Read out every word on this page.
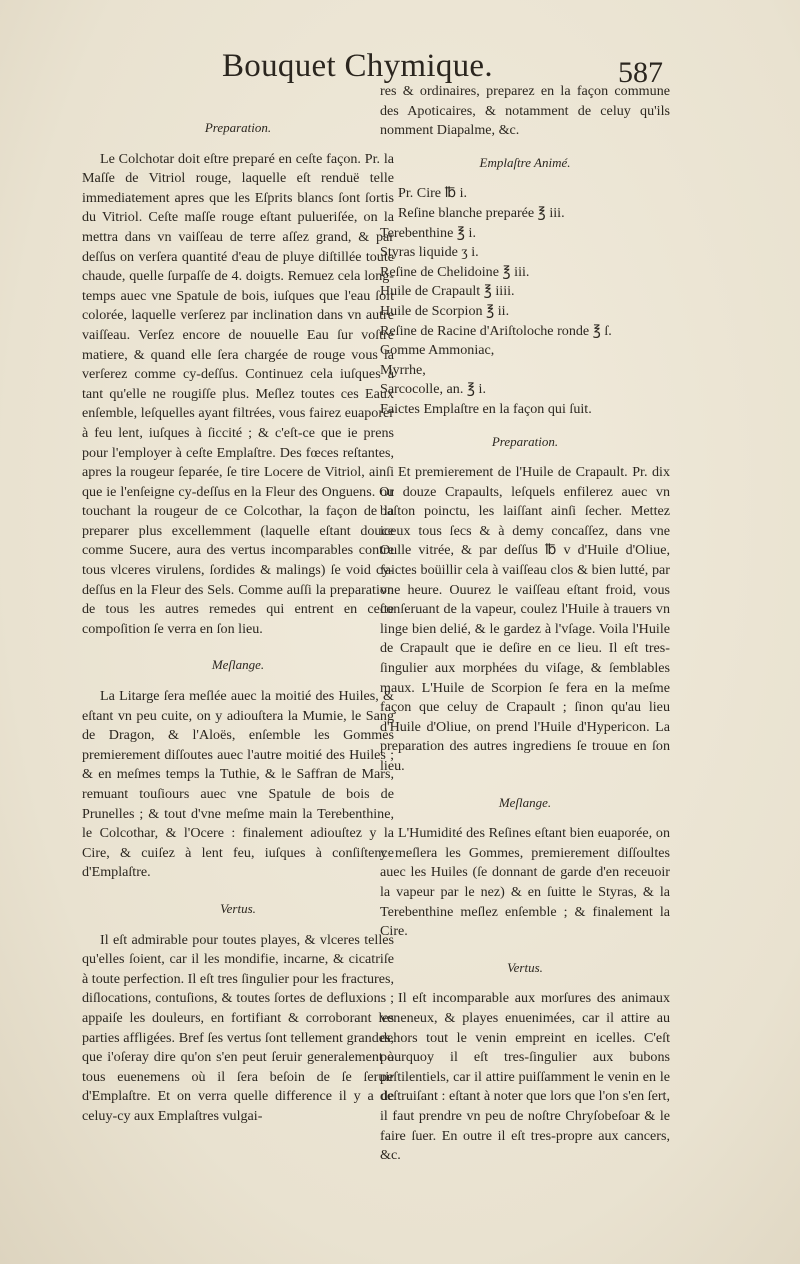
Bouquet Chymique.	587
Preparation.

Le Colchotar doit eſtre preparé en ceſte façon. Pr. la Maſſe de Vitriol rouge, laquelle eſt renduë telle immediatement apres que les Eſprits blancs ſont ſortis du Vitriol. Ceſte maſſe rouge eſtant pulueriſée, on la mettra dans vn vaiſſeau de terre aſſez grand, & par deſſus on verſera quantité d'eau de pluye diſtillée toute chaude, quelle ſurpaſſe de 4. doigts. Remuez cela long-temps auec vne Spatule de bois, iuſques que l'eau ſoit colorée, laquelle verſerez par inclination dans vn autre vaiſſeau. Verſez encore de nouuelle Eau ſur voſtre matiere, & quand elle ſera chargée de rouge vous la verſerez comme cy-deſſus. Continuez cela iuſques à tant qu'elle ne rougiſſe plus. Meſlez toutes ces Eaux enſemble, leſquelles ayant filtrées, vous fairez euaporer à feu lent, iuſques à ſiccité ; & c'eſt-ce que ie prens pour l'employer à ceſte Emplaſtre. Des fœces reſtantes, apres la rougeur ſeparée, ſe tire Locere de Vitriol, ainſi que ie l'enſeigne cy-deſſus en la Fleur des Onguens. Or touchant la rougeur de ce Colcothar, la façon de la preparer plus excellemment (laquelle eſtant douce comme Sucere, aura des vertus incomparables contre tous vlceres virulens, ſordides & malings) ſe void cy-deſſus en la Fleur des Sels. Comme auſſi la preparation de tous les autres remedes qui entrent en ceſte compoſition ſe verra en ſon lieu.

Meſlange.

La Litarge ſera meſlée auec la moitié des Huiles, & eſtant vn peu cuite, on y adiouſtera la Mumie, le Sang de Dragon, & l'Aloës, enſemble les Gommes premierement diſſoutes auec l'autre moitié des Huiles ; & en meſmes temps la Tuthie, & le Saffran de Mars, remuant touſiours auec vne Spatule de bois de Prunelles ; & tout d'vne meſme main la Terebenthine, le Colcothar, & l'Ocere : finalement adiouſtez y la Cire, & cuiſez à lent feu, iuſques à conſiſtence d'Emplaſtre.

Vertus.

Il eſt admirable pour toutes playes, & vlceres telles qu'elles ſoient, car il les mondifie, incarne, & cicatriſe à toute perfection. Il eſt tres ſingulier pour les fractures, diſlocations, contuſions, & toutes ſortes de defluxions ; appaiſe les douleurs, en fortifiant & corroborant les parties affligées. Bref ſes vertus ſont tellement grandes, que i'oſeray dire qu'on s'en peut ſeruir generalement à tous euenemens où il ſera beſoin de ſe ſeruir d'Emplaſtre. Et on verra quelle difference il y a de celuy-cy aux Emplaſtres vulgai-

res & ordinaires, preparez en la façon commune des Apoticaires, & notamment de celuy qu'ils nomment Diapalme, &c.

Emplaſtre Animé.
Pr. Cire ℔ i.
Reſine blanche preparée ℥ iii.
Terebenthine ℥ i.
Styras liquide ʒ i.
Reſine de Chelidoine ℥ iii.
Huile de Crapault ℥ iiii.
Huile de Scorpion ℥ ii.
Reſine de Racine d'Ariſtoloche ronde ℥ ſ.
Gomme Ammoniac,
Myrrhe,
Sarcocolle, an. ℥ i.
Faictes Emplaſtre en la façon qui ſuit.
Preparation.

Et premierement de l'Huile de Crapault. Pr. dix ou douze Crapaults, leſquels enfilerez auec vn baſton poinctu, les laiſſant ainſi ſecher. Mettez iceux tous ſecs & à demy concaſſez, dans vne Oulle vitrée, & par deſſus ℔ v d'Huile d'Oliue, faictes boüillir cela à vaiſſeau clos & bien lutté, par vne heure. Ouurez le vaiſſeau eſtant froid, vous conſeruant de la vapeur, coulez l'Huile à trauers vn linge bien delié, & le gardez à l'vſage. Voila l'Huile de Crapault que ie deſire en ce lieu. Il eſt tres-ſingulier aux morphées du viſage, & ſemblables maux. L'Huile de Scorpion ſe fera en la meſme façon que celuy de Crapault ; ſinon qu'au lieu d'Huile d'Oliue, on prend l'Huile d'Hypericon. La preparation des autres ingrediens ſe trouue en ſon lieu.

Meſlange.

L'Humidité des Reſines eſtant bien euaporée, on y meſlera les Gommes, premierement diſſoultes auec les Huiles (ſe donnant de garde d'en receuoir la vapeur par le nez) & en ſuitte le Styras, & la Terebenthine meſlez enſemble ; & finalement la Cire.

Vertus.

Il eſt incomparable aux morſures des animaux veneneux, & playes enuenimées, car il attire au dehors tout le venin empreint en icelles. C'eſt pourquoy il eſt tres-ſingulier aux bubons peſtilentiels, car il attire puiſſamment le venin en le deſtruiſant : eſtant à noter que lors que l'on s'en ſert, il faut prendre vn peu de noſtre Chryſobeſoar & le faire ſuer. En outre il eſt tres-propre aux cancers, &c.
